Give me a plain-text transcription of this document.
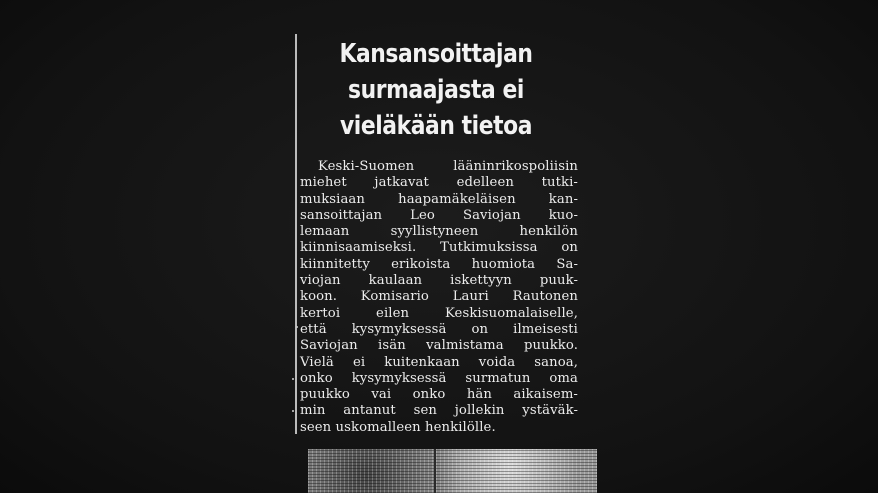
Kansansoittajan
surmaajasta ei
vieläkään tietoa
Keski-Suomen lääninrikospoliisin
miehet jatkavat edelleen tutki-
muksiaan haapamäkeläisen kan-
sansoittajan Leo Saviojan kuo-
lemaan syyllistyneen henkilön
kiinnisaamiseksi. Tutkimuksissa on
kiinnitetty erikoista huomiota Sa-
viojan kaulaan iskettyyn puuk-
koon. Komisario Lauri Rautonen
kertoi eilen Keskisuomalaiselle,
että kysymyksessä on ilmeisesti
Saviojan isän valmistama puukko.
Vielä ei kuitenkaan voida sanoa,
onko kysymyksessä surmatun oma
puukko vai onko hän aikaisem-
min antanut sen jollekin ystäväk-
seen uskomalleen henkilölle.
